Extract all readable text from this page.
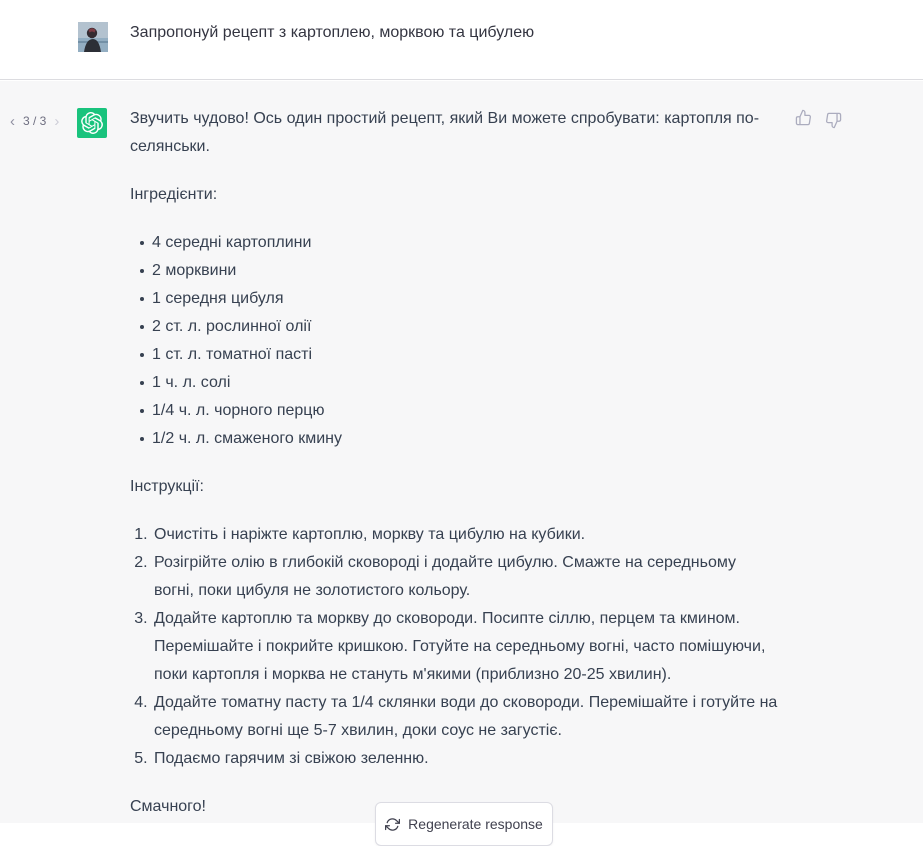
Запропонуй рецепт з картоплею, морквою та цибулею
‹ 3 / 3 ›	Звучить чудово! Ось один простий рецепт, який Ви можете спробувати: картопля по-селянськи.

Інгредієнти:

4 середні картоплини
2 морквини
1 середня цибуля
2 ст. л. рослинної олії
1 ст. л. томатної пасті
1 ч. л. солі
1/4 ч. л. чорного перцю
1/2 ч. л. смаженого кмину

Інструкції:

1. Очистіть і наріжте картоплю, моркву та цибулю на кубики.
2. Розігрійте олію в глибокій сковороді і додайте цибулю. Смажте на середньому вогні, поки цибуля не золотистого кольору.
3. Додайте картоплю та моркву до сковороди. Посипте сіллю, перцем та кмином. Перемішайте і покрийте кришкою. Готуйте на середньому вогні, часто помішуючи, поки картопля і морква не стануть м'якими (приблизно 20-25 хвилин).
4. Додайте томатну пасту та 1/4 склянки води до сковороди. Перемішайте і готуйте на середньому вогні ще 5-7 хвилин, доки соус не загустіє.
5. Подаємо гарячим зі свіжою зеленню.

Смачного!

Regenerate response
